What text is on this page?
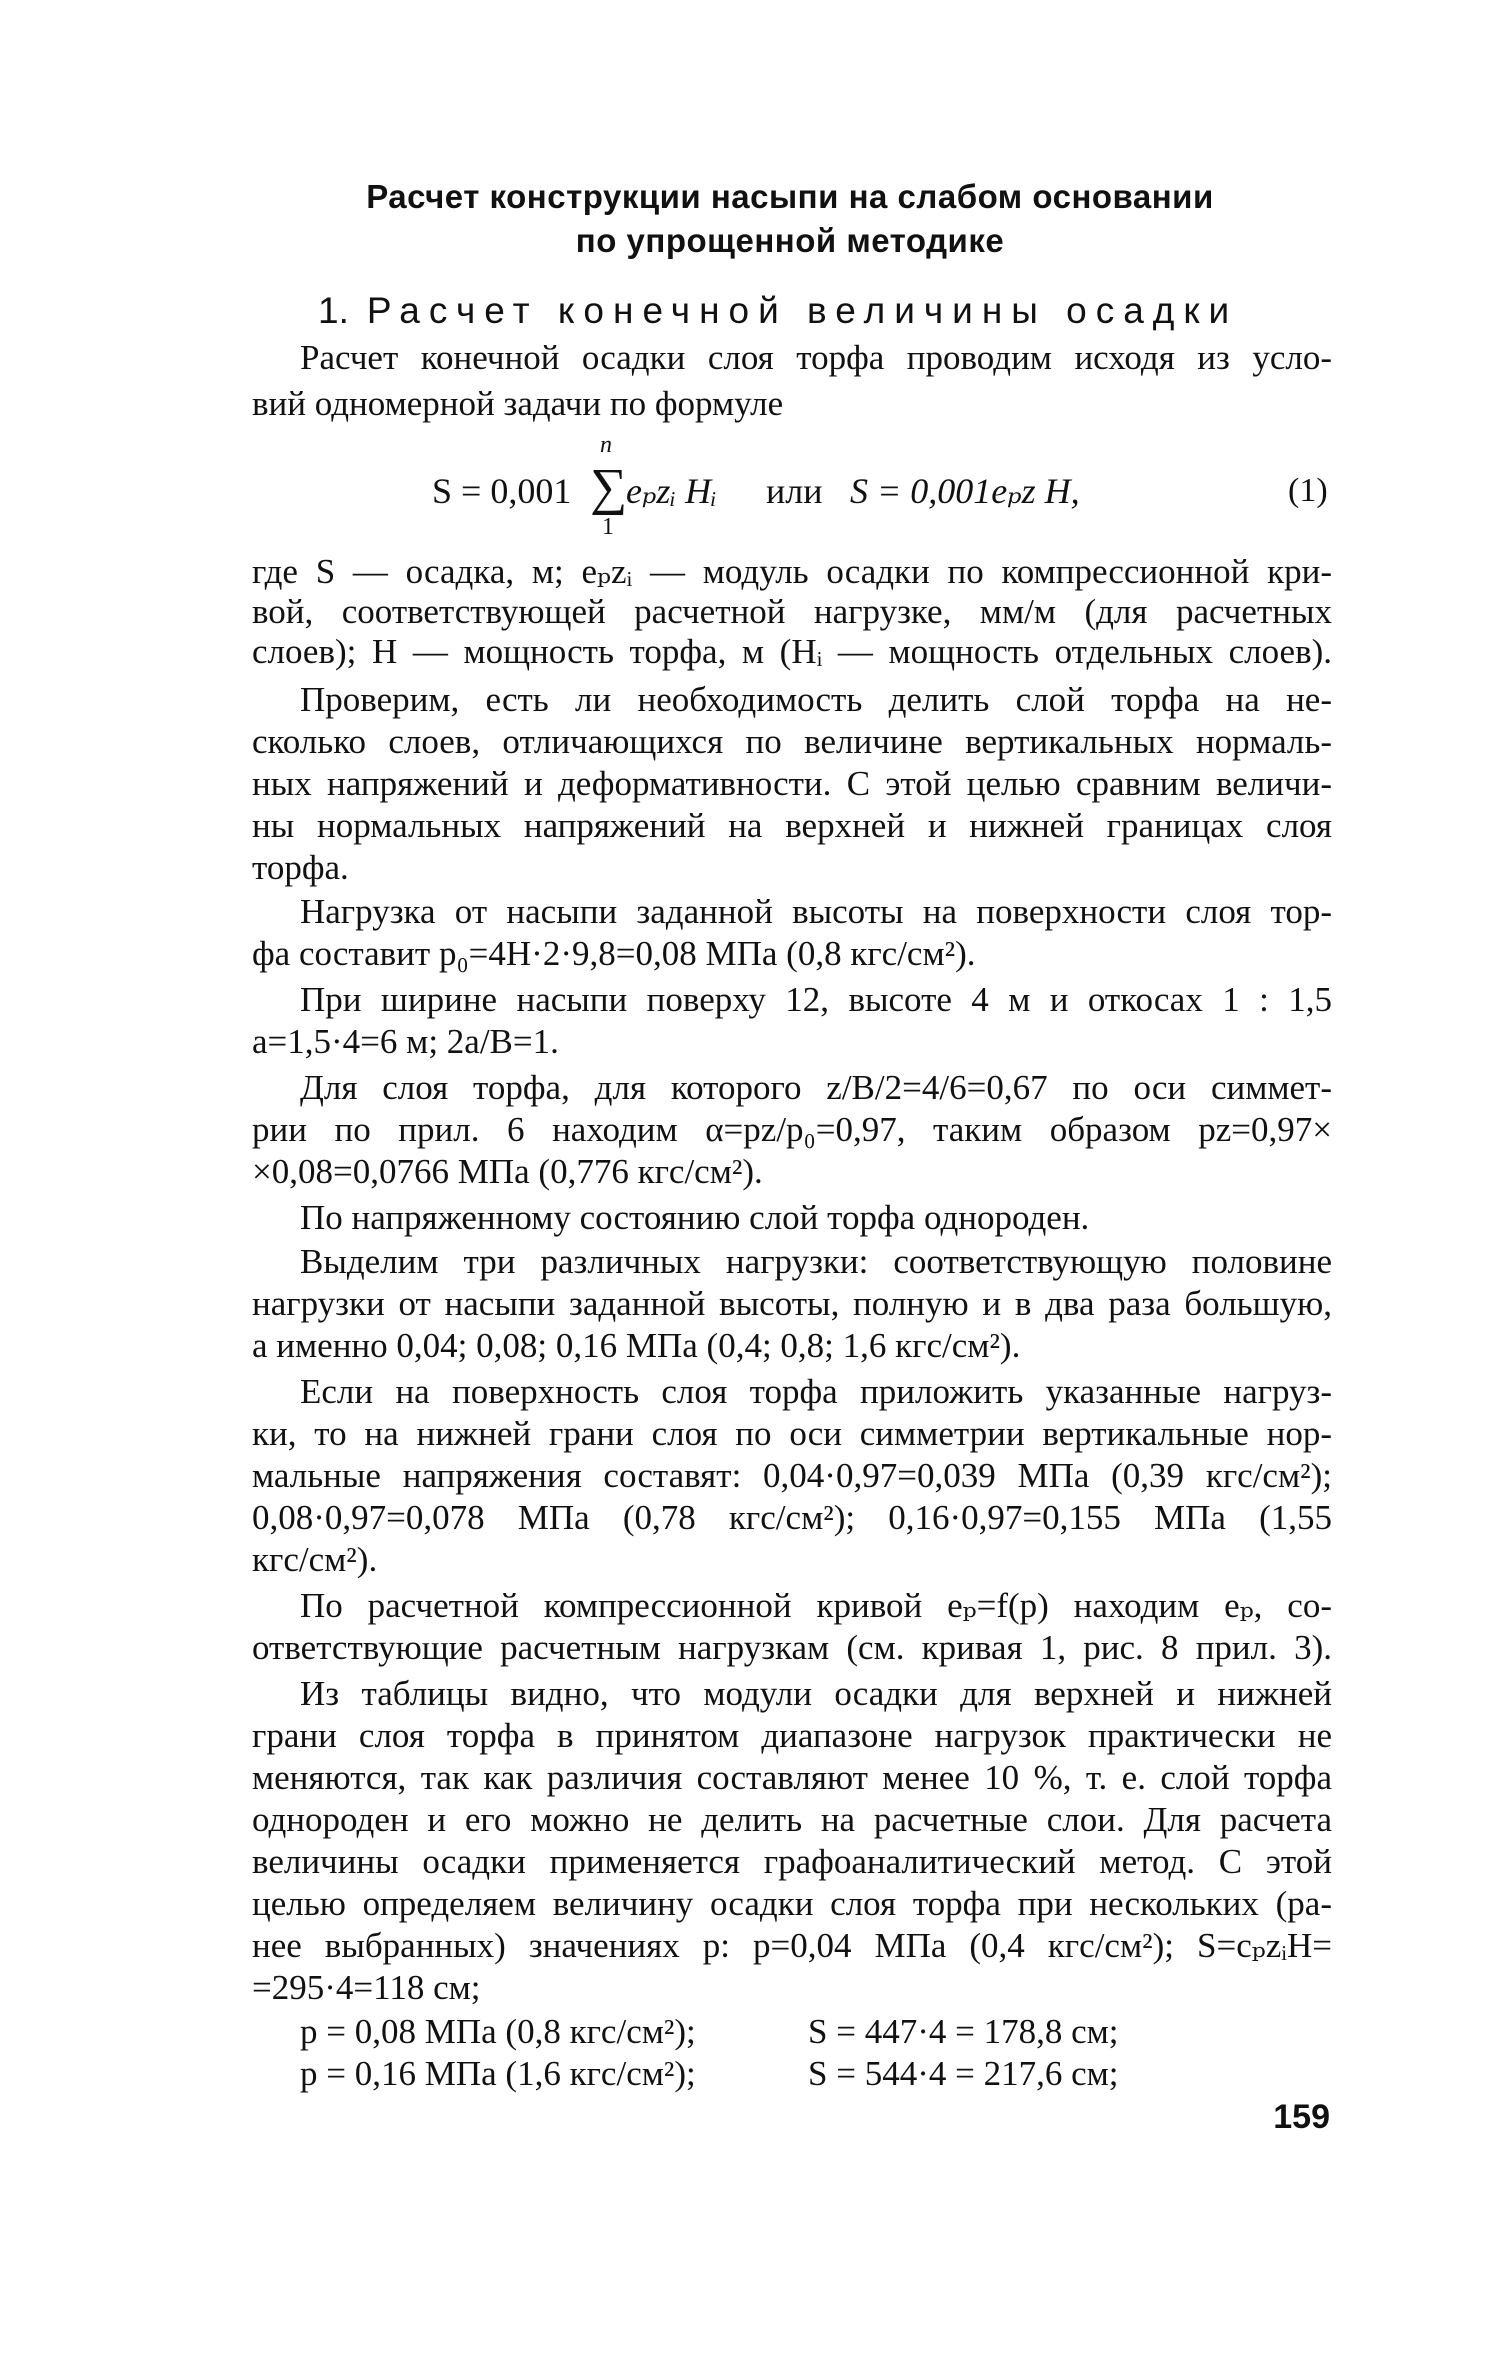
Расчет конструкции насыпи на слабом основании
по упрощенной методике
1. Расчет конечной величины осадки
Расчет конечной осадки слоя торфа проводим исходя из усло-
вий одномерной задачи по формуле
n
S = 0,001 ∑
eₚzᵢ Hᵢ или S = 0,001eₚz H,
1
(1)
где S — осадка, м; eₚzᵢ — модуль осадки по компрессионной кри-
вой, соответствующей расчетной нагрузке, мм/м (для расчетных
слоев); H — мощность торфа, м (Hᵢ — мощность отдельных слоев).
Проверим, есть ли необходимость делить слой торфа на не-
сколько слоев, отличающихся по величине вертикальных нормаль-
ных напряжений и деформативности. С этой целью сравним величи-
ны нормальных напряжений на верхней и нижней границах слоя
торфа.
Нагрузка от насыпи заданной высоты на поверхности слоя тор-
фа составит p₀=4H·2·9,8=0,08 МПа (0,8 кгс/см²).
При ширине насыпи поверху 12, высоте 4 м и откосах 1 : 1,5
a=1,5·4=6 м; 2a/B=1.
Для слоя торфа, для которого z/B/2=4/6=0,67 по оси симмет-
рии по прил. 6 находим α=pz/p₀=0,97, таким образом pz=0,97×
×0,08=0,0766 МПа (0,776 кгс/см²).
По напряженному состоянию слой торфа однороден.
Выделим три различных нагрузки: соответствующую половине
нагрузки от насыпи заданной высоты, полную и в два раза большую,
а именно 0,04; 0,08; 0,16 МПа (0,4; 0,8; 1,6 кгс/см²).
Если на поверхность слоя торфа приложить указанные нагруз-
ки, то на нижней грани слоя по оси симметрии вертикальные нор-
мальные напряжения составят: 0,04·0,97=0,039 МПа (0,39 кгс/см²);
0,08·0,97=0,078 МПа (0,78 кгс/см²); 0,16·0,97=0,155 МПа (1,55
кгс/см²).
По расчетной компрессионной кривой eₚ=f(p) находим eₚ, со-
ответствующие расчетным нагрузкам (см. кривая 1, рис. 8 прил. 3).
Из таблицы видно, что модули осадки для верхней и нижней
грани слоя торфа в принятом диапазоне нагрузок практически не
меняются, так как различия составляют менее 10 %, т. е. слой торфа
однороден и его можно не делить на расчетные слои. Для расчета
величины осадки применяется графоаналитический метод. С этой
целью определяем величину осадки слоя торфа при нескольких (ра-
нее выбранных) значениях p: p=0,04 МПа (0,4 кгс/см²); S=cₚzᵢH=
=295·4=118 см;
p = 0,08 МПа (0,8 кгс/см²);	S = 447·4 = 178,8 см;
p = 0,16 МПа (1,6 кгс/см²);	S = 544·4 = 217,6 см;
159
